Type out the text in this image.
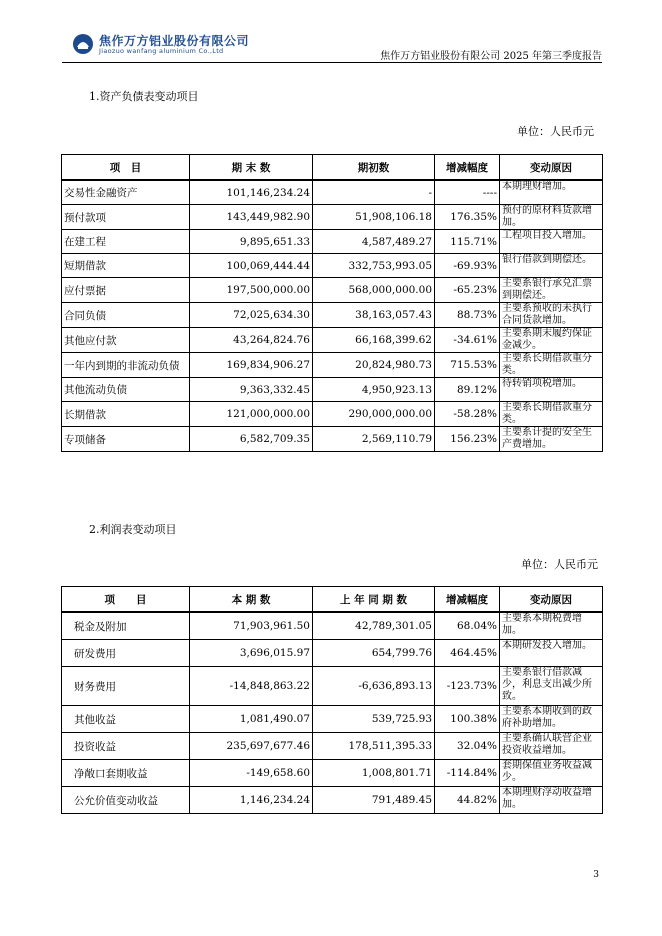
焦作万方铝业股份有限公司
Jiaozuo wanfang aluminium Co.,Ltd	焦作万方铝业股份有限公司 2025 年第三季度报告
1.资产负债表变动项目
单位：人民币元
项　目	期 末 数	期初数	增减幅度	变动原因
交易性金融资产	101,146,234.24	-	----	本期理财增加。
预付款项	143,449,982.90	51,908,106.18	176.35%	预付的原材料货款增加。
在建工程	9,895,651.33	4,587,489.27	115.71%	工程项目投入增加。
短期借款	100,069,444.44	332,753,993.05	-69.93%	银行借款到期偿还。
应付票据	197,500,000.00	568,000,000.00	-65.23%	主要系银行承兑汇票到期偿还。
合同负债	72,025,634.30	38,163,057.43	88.73%	主要系预收的未执行合同货款增加。
其他应付款	43,264,824.76	66,168,399.62	-34.61%	主要系期末履约保证金减少。
一年内到期的非流动负债	169,834,906.27	20,824,980.73	715.53%	主要系长期借款重分类。
其他流动负债	9,363,332.45	4,950,923.13	89.12%	待转销项税增加。
长期借款	121,000,000.00	290,000,000.00	-58.28%	主要系长期借款重分类。
专项储备	6,582,709.35	2,569,110.79	156.23%	主要系计提的安全生产费增加。
2.利润表变动项目
单位：人民币元
项　　目	本 期 数	上 年 同 期 数	增减幅度	变动原因
税金及附加	71,903,961.50	42,789,301.05	68.04%	主要系本期税费增加。
研发费用	3,696,015.97	654,799.76	464.45%	本期研发投入增加。
财务费用	-14,848,863.22	-6,636,893.13	-123.73%	主要系银行借款减少，利息支出减少所致。
其他收益	1,081,490.07	539,725.93	100.38%	主要系本期收到的政府补助增加。
投资收益	235,697,677.46	178,511,395.33	32.04%	主要系确认联营企业投资收益增加。
净敞口套期收益	-149,658.60	1,008,801.71	-114.84%	套期保值业务收益减少。
公允价值变动收益	1,146,234.24	791,489.45	44.82%	本期理财浮动收益增加。
3
